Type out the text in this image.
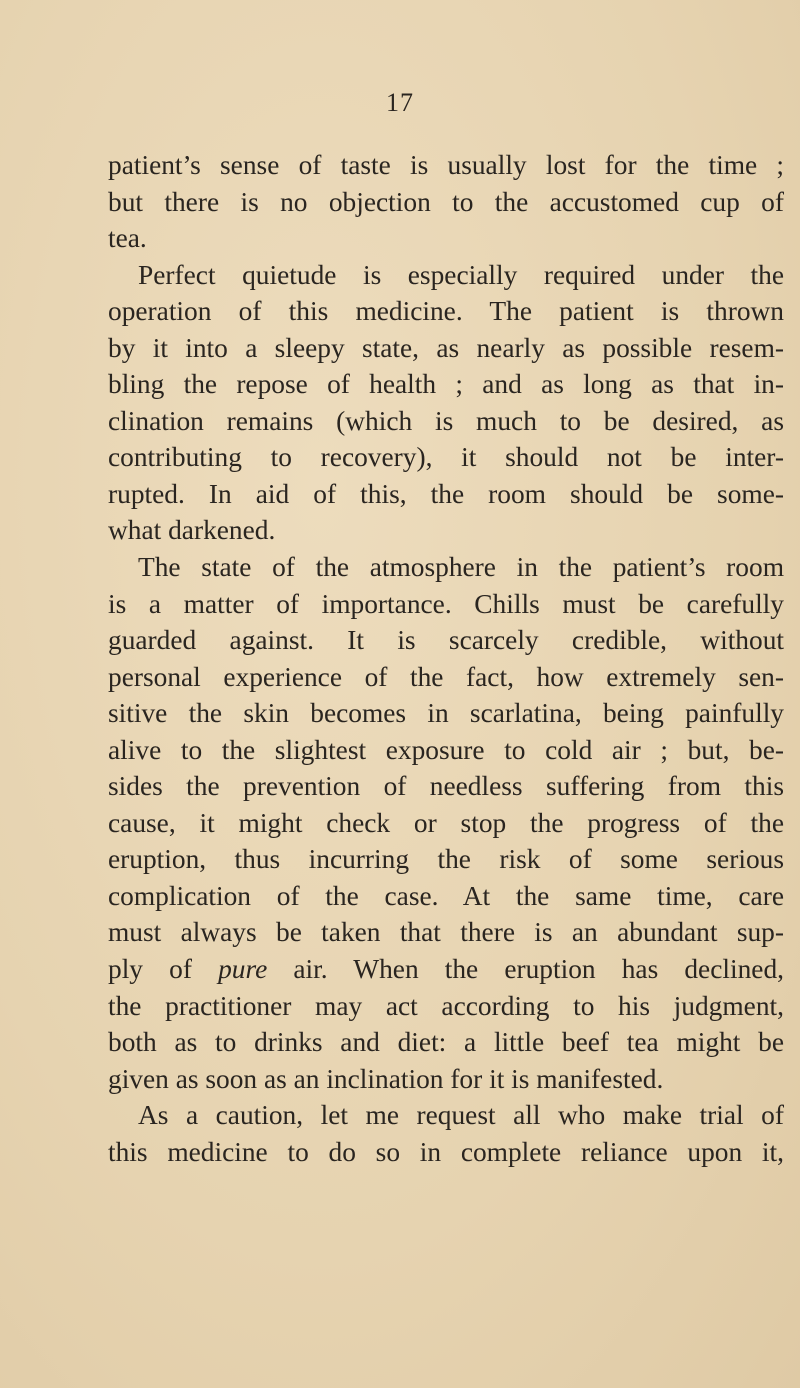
17
patient’s sense of taste is usually lost for the time ;
but there is no objection to the accustomed cup of
tea.
Perfect quietude is especially required under the
operation of this medicine. The patient is thrown
by it into a sleepy state, as nearly as possible resem-
bling the repose of health ; and as long as that in-
clination remains (which is much to be desired, as
contributing to recovery), it should not be inter-
rupted. In aid of this, the room should be some-
what darkened.
The state of the atmosphere in the patient’s room
is a matter of importance. Chills must be carefully
guarded against. It is scarcely credible, without
personal experience of the fact, how extremely sen-
sitive the skin becomes in scarlatina, being painfully
alive to the slightest exposure to cold air ; but, be-
sides the prevention of needless suffering from this
cause, it might check or stop the progress of the
eruption, thus incurring the risk of some serious
complication of the case. At the same time, care
must always be taken that there is an abundant sup-
ply of pure air. When the eruption has declined,
the practitioner may act according to his judgment,
both as to drinks and diet: a little beef tea might be
given as soon as an inclination for it is manifested.
As a caution, let me request all who make trial of
this medicine to do so in complete reliance upon it,
